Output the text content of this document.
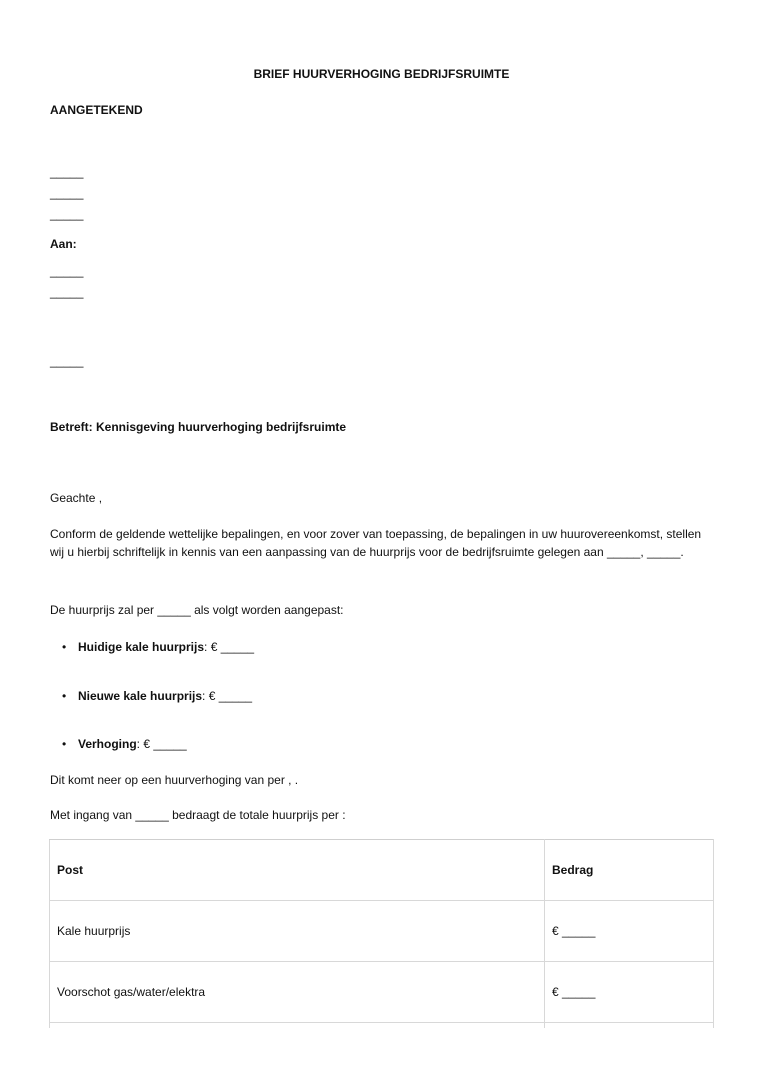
BRIEF HUURVERHOGING BEDRIJFSRUIMTE
AANGETEKEND
_____
_____
_____
Aan:
_____
_____
_____
Betreft: Kennisgeving huurverhoging bedrijfsruimte
Geachte ,
Conform de geldende wettelijke bepalingen, en voor zover van toepassing, de bepalingen in uw huurovereenkomst, stellen wij u hierbij schriftelijk in kennis van een aanpassing van de huurprijs voor de bedrijfsruimte gelegen aan _____, _____.
De huurprijs zal per _____ als volgt worden aangepast:
• Huidige kale huurprijs: € _____
• Nieuwe kale huurprijs: € _____
• Verhoging: € _____
Dit komt neer op een huurverhoging van per , .
Met ingang van _____ bedraagt de totale huurprijs per :
Post	Bedrag
Kale huurprijs	€ _____
Voorschot gas/water/elektra	€ _____
